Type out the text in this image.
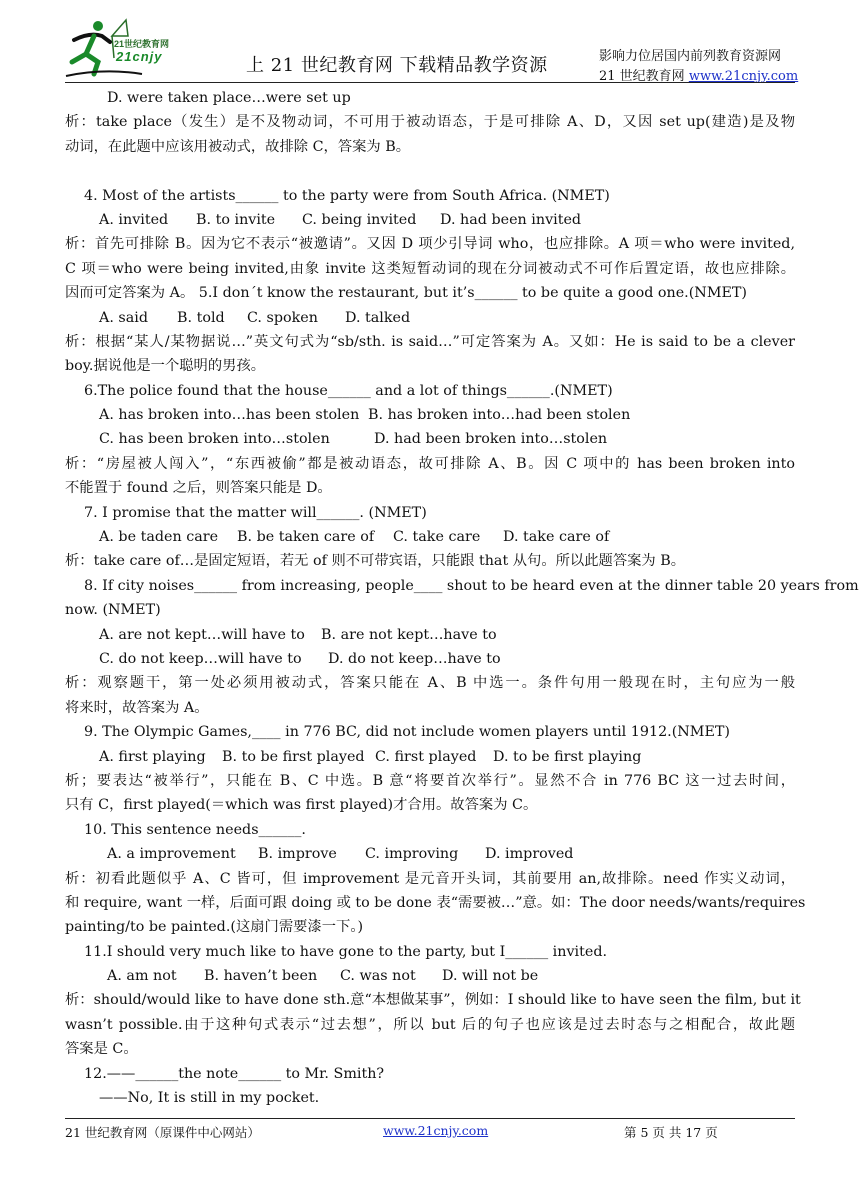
21世纪教育网
21cnjy	上 21 世纪教育网 下载精品教学资源	影响力位居国内前列教育资源网
21 世纪教育网 www.21cnjy.com
D. were taken place…were set up
析：take place（发生）是不及物动词，不可用于被动语态，于是可排除 A、D，又因 set up(建造)是及物
动词，在此题中应该用被动式，故排除 C，答案为 B。
4. Most of the artists______ to the party were from South Africa. (NMET)
A. invited B. to invite C. being invited D. had been invited
析：首先可排除 B。因为它不表示“被邀请”。又因 D 项少引导词 who，也应排除。A 项＝who were invited,
C 项＝who were being invited,由象 invite 这类短暂动词的现在分词被动式不可作后置定语，故也应排除。
因而可定答案为 A。 5.I don´t know the restaurant, but it’s______ to be quite a good one.(NMET)
A. said B. told C. spoken D. talked
析：根据“某人/某物据说…”英文句式为“sb/sth. is said…”可定答案为 A。又如：He is said to be a clever
boy.据说他是一个聪明的男孩。
6.The police found that the house______ and a lot of things______.(NMET)
A. has broken into…has been stolen B. has broken into…had been stolen
C. has been broken into…stolen	D. had been broken into…stolen
析：“房屋被人闯入”，“东西被偷”都是被动语态，故可排除 A、B。因 C 项中的 has been broken into
不能置于 found 之后，则答案只能是 D。
7. I promise that the matter will______. (NMET)
A. be taden care B. be taken care of C. take care D. take care of
析：take care of…是固定短语，若无 of 则不可带宾语，只能跟 that 从句。所以此题答案为 B。
8. If city noises______ from increasing, people____ shout to be heard even at the dinner table 20 years from
now. (NMET)
A. are not kept…will have to B. are not kept…have to
C. do not keep…will have to D. do not keep…have to
析：观察题干，第一处必须用被动式，答案只能在 A、B 中选一。条件句用一般现在时，主句应为一般
将来时，故答案为 A。
9. The Olympic Games,____ in 776 BC, did not include women players until 1912.(NMET)
A. first playing B. to be first played C. first played D. to be first playing
析；要表达“被举行”，只能在 B、C 中选。B 意“将要首次举行”。显然不合 in 776 BC 这一过去时间，
只有 C，first played(＝which was first played)才合用。故答案为 C。
10. This sentence needs______.
A. a improvement B. improve C. improving D. improved
析：初看此题似乎 A、C 皆可，但 improvement 是元音开头词，其前要用 an,故排除。need 作实义动词，
和 require, want 一样，后面可跟 doing 或 to be done 表“需要被…”意。如：The door needs/wants/requires
painting/to be painted.(这扇门需要漆一下。)
11.I should very much like to have gone to the party, but I______ invited.
A. am not B. haven’t been C. was not D. will not be
析：should/would like to have done sth.意“本想做某事”，例如：I should like to have seen the film, but it
wasn’t possible.由于这种句式表示“过去想”，所以 but 后的句子也应该是过去时态与之相配合，故此题
答案是 C。
12.——______the note______ to Mr. Smith?
——No, It is still in my pocket.
21 世纪教育网（原课件中心网站）	www.21cnjy.com	第 5 页 共 17 页
